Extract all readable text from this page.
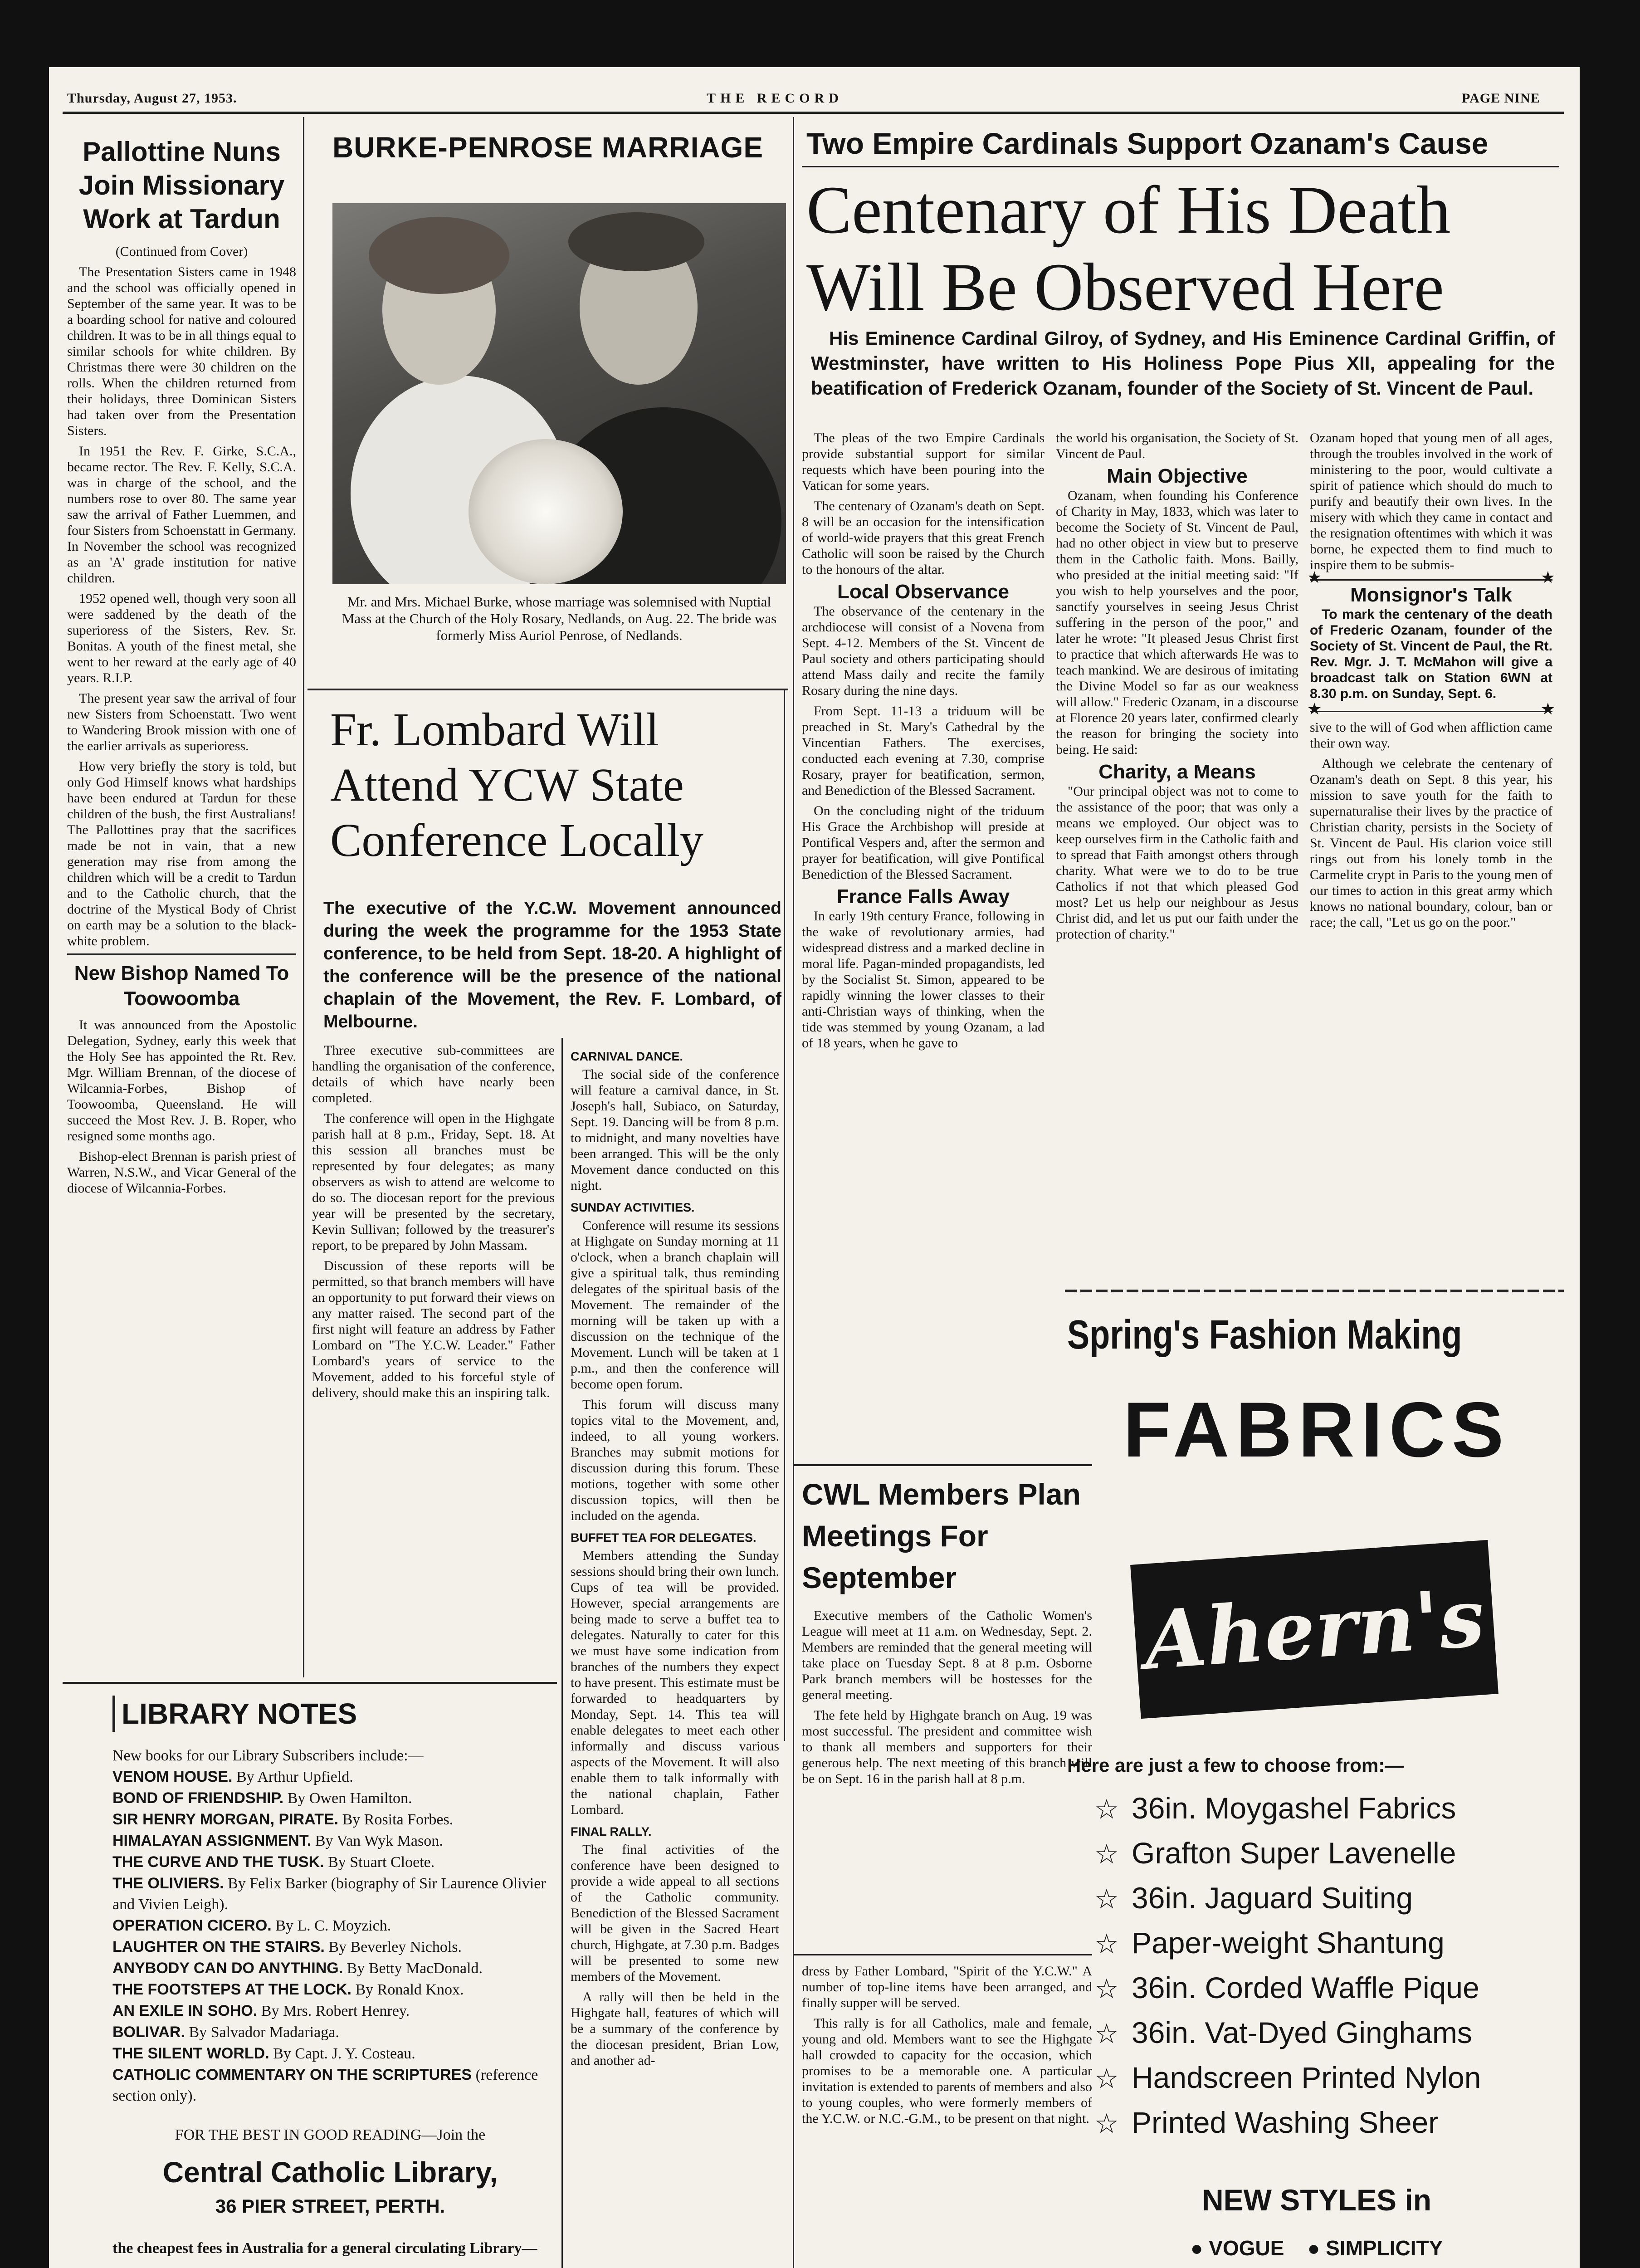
Thursday, August 27, 1953.	THE RECORD	PAGE NINE
Pallottine Nuns Join Missionary Work at Tardun
(Continued from Cover)

The Presentation Sisters came in 1948 and the school was officially opened in September of the same year. It was to be a boarding school for native and coloured children. It was to be in all things equal to similar schools for white children. By Christmas there were 30 children on the rolls. When the children returned from their holidays, three Dominican Sisters had taken over from the Presentation Sisters.

In 1951 the Rev. F. Girke, S.C.A., became rector. The Rev. F. Kelly, S.C.A. was in charge of the school, and the numbers rose to over 80. The same year saw the arrival of Father Luemmen, and four Sisters from Schoenstatt in Germany. In November the school was recognized as an 'A' grade institution for native children.

1952 opened well, though very soon all were saddened by the death of the superioress of the Sisters, Rev. Sr. Bonitas. A youth of the finest metal, she went to her reward at the early age of 40 years. R.I.P.

The present year saw the arrival of four new Sisters from Schoenstatt. Two went to Wandering Brook mission with one of the earlier arrivals as superioress.

How very briefly the story is told, but only God Himself knows what hardships have been endured at Tardun for these children of the bush, the first Australians! The Pallottines pray that the sacrifices made be not in vain, that a new generation may rise from among the children which will be a credit to Tardun and to the Catholic church, that the doctrine of the Mystical Body of Christ on earth may be a solution to the black-white problem.

New Bishop Named To Toowoomba

It was announced from the Apostolic Delegation, Sydney, early this week that the Holy See has appointed the Rt. Rev. Mgr. William Brennan, of the diocese of Wilcannia-Forbes, Bishop of Toowoomba, Queensland. He will succeed the Most Rev. J. B. Roper, who resigned some months ago.

Bishop-elect Brennan is parish priest of Warren, N.S.W., and Vicar General of the diocese of Wilcannia-Forbes.

BURKE-PENROSE MARRIAGE
Mr. and Mrs. Michael Burke, whose marriage was solemnised with Nuptial Mass at the Church of the Holy Rosary, Nedlands, on Aug. 22. The bride was formerly Miss Auriol Penrose, of Nedlands.
Fr. Lombard Will Attend YCW State Conference Locally
The executive of the Y.C.W. Movement announced during the week the programme for the 1953 State conference, to be held from Sept. 18-20. A highlight of the conference will be the presence of the national chaplain of the Movement, the Rev. F. Lombard, of Melbourne.

Three executive sub-committees are handling the organisation of the conference, details of which have nearly been completed.

The conference will open in the Highgate parish hall at 8 p.m., Friday, Sept. 18. At this session all branches must be represented by four delegates; as many observers as wish to attend are welcome to do so. The diocesan report for the previous year will be presented by the secretary, Kevin Sullivan; followed by the treasurer's report, to be prepared by John Massam.

Discussion of these reports will be permitted, so that branch members will have an opportunity to put forward their views on any matter raised. The second part of the first night will feature an address by Father Lombard on "The Y.C.W. Leader." Father Lombard's years of service to the Movement, added to his forceful style of delivery, should make this an inspiring talk.

CARNIVAL DANCE.

The social side of the conference will feature a carnival dance, in St. Joseph's hall, Subiaco, on Saturday, Sept. 19. Dancing will be from 8 p.m. to midnight, and many novelties have been arranged. This will be the only Movement dance conducted on this night.

SUNDAY ACTIVITIES.

Conference will resume its sessions at Highgate on Sunday morning at 11 o'clock, when a branch chaplain will give a spiritual talk, thus reminding delegates of the spiritual basis of the Movement. The remainder of the morning will be taken up with a discussion on the technique of the Movement. Lunch will be taken at 1 p.m., and then the conference will become open forum.

This forum will discuss many topics vital to the Movement, and, indeed, to all young workers. Branches may submit motions for discussion during this forum. These motions, together with some other discussion topics, will then be included on the agenda.

BUFFET TEA FOR DELEGATES.

Members attending the Sunday sessions should bring their own lunch. Cups of tea will be provided. However, special arrangements are being made to serve a buffet tea to delegates. Naturally to cater for this we must have some indication from branches of the numbers they expect to have present. This estimate must be forwarded to headquarters by Monday, Sept. 14. This tea will enable delegates to meet each other informally and discuss various aspects of the Movement. It will also enable them to talk informally with the national chaplain, Father Lombard.

FINAL RALLY.

The final activities of the conference have been designed to provide a wide appeal to all sections of the Catholic community. Benediction of the Blessed Sacrament will be given in the Sacred Heart church, Highgate, at 7.30 p.m. Badges will be presented to some new members of the Movement.

A rally will then be held in the Highgate hall, features of which will be a summary of the conference by the diocesan president, Brian Low, and another ad-

LIBRARY NOTES
New books for our Library Subscribers include:—
VENOM HOUSE. By Arthur Upfield.
BOND OF FRIENDSHIP. By Owen Hamilton.
SIR HENRY MORGAN, PIRATE. By Rosita Forbes.
HIMALAYAN ASSIGNMENT. By Van Wyk Mason.
THE CURVE AND THE TUSK. By Stuart Cloete.
THE OLIVIERS. By Felix Barker (biography of Sir Laurence Olivier and Vivien Leigh).
OPERATION CICERO. By L. C. Moyzich.
LAUGHTER ON THE STAIRS. By Beverley Nichols.
ANYBODY CAN DO ANYTHING. By Betty MacDonald.
THE FOOTSTEPS AT THE LOCK. By Ronald Knox.
AN EXILE IN SOHO. By Mrs. Robert Henrey.
BOLIVAR. By Salvador Madariaga.
THE SILENT WORLD. By Capt. J. Y. Costeau.
CATHOLIC COMMENTARY ON THE SCRIPTURES (reference section only).
FOR THE BEST IN GOOD READING—Join the
Central Catholic Library,
36 PIER STREET, PERTH.
the cheapest fees in Australia for a general circulating Library—
Two Empire Cardinals Support Ozanam's Cause
Centenary of His Death Will Be Observed Here
His Eminence Cardinal Gilroy, of Sydney, and His Eminence Cardinal Griffin, of Westminster, have written to His Holiness Pope Pius XII, appealing for the beatification of Frederick Ozanam, founder of the Society of St. Vincent de Paul.

The pleas of the two Empire Cardinals provide substantial support for similar requests which have been pouring into the Vatican for some years.

The centenary of Ozanam's death on Sept. 8 will be an occasion for the intensification of world-wide prayers that this great French Catholic will soon be raised by the Church to the honours of the altar.

Local Observance

The observance of the centenary in the archdiocese will consist of a Novena from Sept. 4-12. Members of the St. Vincent de Paul society and others participating should attend Mass daily and recite the family Rosary during the nine days.

From Sept. 11-13 a triduum will be preached in St. Mary's Cathedral by the Vincentian Fathers. The exercises, conducted each evening at 7.30, comprise Rosary, prayer for beatification, sermon, and Benediction of the Blessed Sacrament.

On the concluding night of the triduum His Grace the Archbishop will preside at Pontifical Vespers and, after the sermon and prayer for beatification, will give Pontifical Benediction of the Blessed Sacrament.

France Falls Away

In early 19th century France, following in the wake of revolutionary armies, had widespread distress and a marked decline in moral life. Pagan-minded propagandists, led by the Socialist St. Simon, appeared to be rapidly winning the lower classes to their anti-Christian ways of thinking, when the tide was stemmed by young Ozanam, a lad of 18 years, when he gave to

the world his organisation, the Society of St. Vincent de Paul.

Main Objective

Ozanam, when founding his Conference of Charity in May, 1833, which was later to become the Society of St. Vincent de Paul, had no other object in view but to preserve them in the Catholic faith. Mons. Bailly, who presided at the initial meeting said: "If you wish to help yourselves and the poor, sanctify yourselves in seeing Jesus Christ suffering in the person of the poor," and later he wrote: "It pleased Jesus Christ first to practice that which afterwards He was to teach mankind. We are desirous of imitating the Divine Model so far as our weakness will allow." Frederic Ozanam, in a discourse at Florence 20 years later, confirmed clearly the reason for bringing the society into being. He said:

Charity, a Means

"Our principal object was not to come to the assistance of the poor; that was only a means we employed. Our object was to keep ourselves firm in the Catholic faith and to spread that Faith amongst others through charity. What were we to do to be true Catholics if not that which pleased God most? Let us help our neighbour as Jesus Christ did, and let us put our faith under the protection of charity."

Ozanam hoped that young men of all ages, through the troubles involved in the work of ministering to the poor, would cultivate a spirit of patience which should do much to purify and beautify their own lives. In the misery with which they came in contact and the resignation oftentimes with which it was borne, he expected them to find much to inspire them to be submis-

★	★
Monsignor's Talk

To mark the centenary of the death of Frederic Ozanam, founder of the Society of St. Vincent de Paul, the Rt. Rev. Mgr. J. T. McMahon will give a broadcast talk on Station 6WN at 8.30 p.m. on Sunday, Sept. 6.

★	★

sive to the will of God when affliction came their own way.

Although we celebrate the centenary of Ozanam's death on Sept. 8 this year, his mission to save youth for the faith to supernaturalise their lives by the practice of Christian charity, persists in the Society of St. Vincent de Paul. His clarion voice still rings out from his lonely tomb in the Carmelite crypt in Paris to the young men of our times to action in this great army which knows no national boundary, colour, ban or race; the call, "Let us go on the poor."

CWL Members Plan Meetings For September

Executive members of the Catholic Women's League will meet at 11 a.m. on Wednesday, Sept. 2. Members are reminded that the general meeting will take place on Tuesday Sept. 8 at 8 p.m. Osborne Park branch members will be hostesses for the general meeting.

The fete held by Highgate branch on Aug. 19 was most successful. The president and committee wish to thank all members and supporters for their generous help. The next meeting of this branch will be on Sept. 16 in the parish hall at 8 p.m.

dress by Father Lombard, "Spirit of the Y.C.W." A number of top-line items have been arranged, and finally supper will be served.

This rally is for all Catholics, male and female, young and old. Members want to see the Highgate hall crowded to capacity for the occasion, which promises to be a memorable one. A particular invitation is extended to parents of members and also to young couples, who were formerly members of the Y.C.W. or N.C.-G.M., to be present on that night.

Spring's Fashion Making
FABRICS
Ahern's
Here are just a few to choose from:—
☆ 36in. Moygashel Fabrics
☆ Grafton Super Lavenelle
☆ 36in. Jaguard Suiting
☆ Paper-weight Shantung
☆ 36in. Corded Waffle Pique
☆ 36in. Vat-Dyed Ginghams
☆ Handscreen Printed Nylon
☆ Printed Washing Sheer
NEW STYLES in
● VOGUE ● SIMPLICITY
